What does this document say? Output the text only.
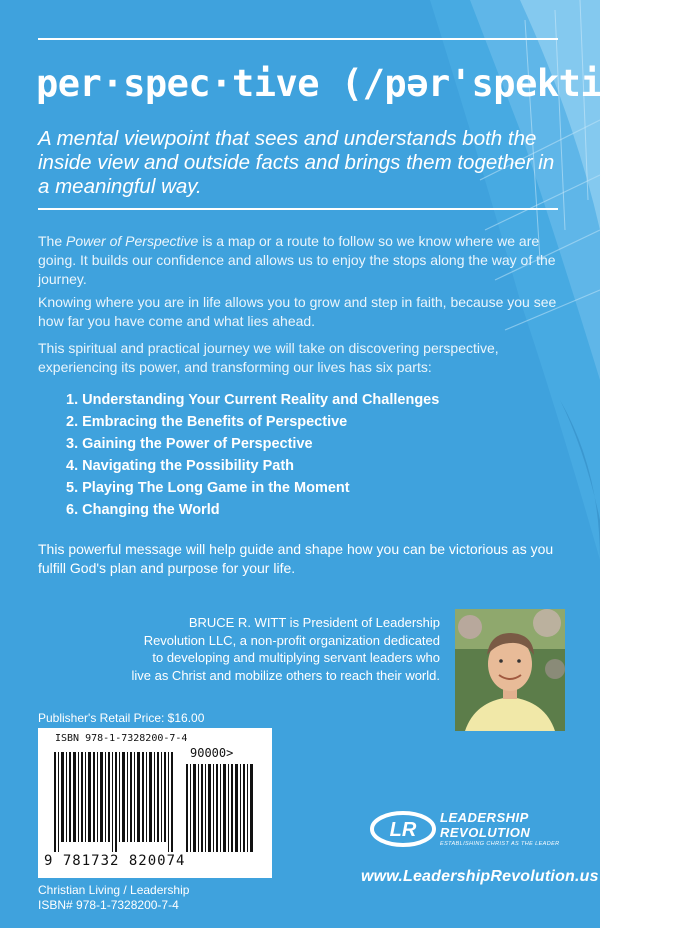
per·spec·tive (/pər'spektiv/):
A mental viewpoint that sees and understands both the inside view and outside facts and brings them together in a meaningful way.
The Power of Perspective is a map or a route to follow so we know where we are going. It builds our confidence and allows us to enjoy the stops along the way of the journey.
Knowing where you are in life allows you to grow and step in faith, because you see how far you have come and what lies ahead.
This spiritual and practical journey we will take on discovering perspective, experiencing its power, and transforming our lives has six parts:
1. Understanding Your Current Reality and Challenges
2. Embracing the Benefits of Perspective
3. Gaining the Power of Perspective
4. Navigating the Possibility Path
5. Playing The Long Game in the Moment
6. Changing the World
This powerful message will help guide and shape how you can be victorious as you fulfill God's plan and purpose for your life.
BRUCE R. WITT is President of Leadership Revolution LLC, a non-profit organization dedicated to developing and multiplying servant leaders who live as Christ and mobilize others to reach their world.
Publisher's Retail Price: $16.00
ISBN 978-1-7328200-7-4
90000>
9 781732 820074
LR
LEADERSHIP
REVOLUTION
ESTABLISHING CHRIST AS THE LEADER
www.LeadershipRevolution.us
Christian Living / Leadership
ISBN# 978-1-7328200-7-4
